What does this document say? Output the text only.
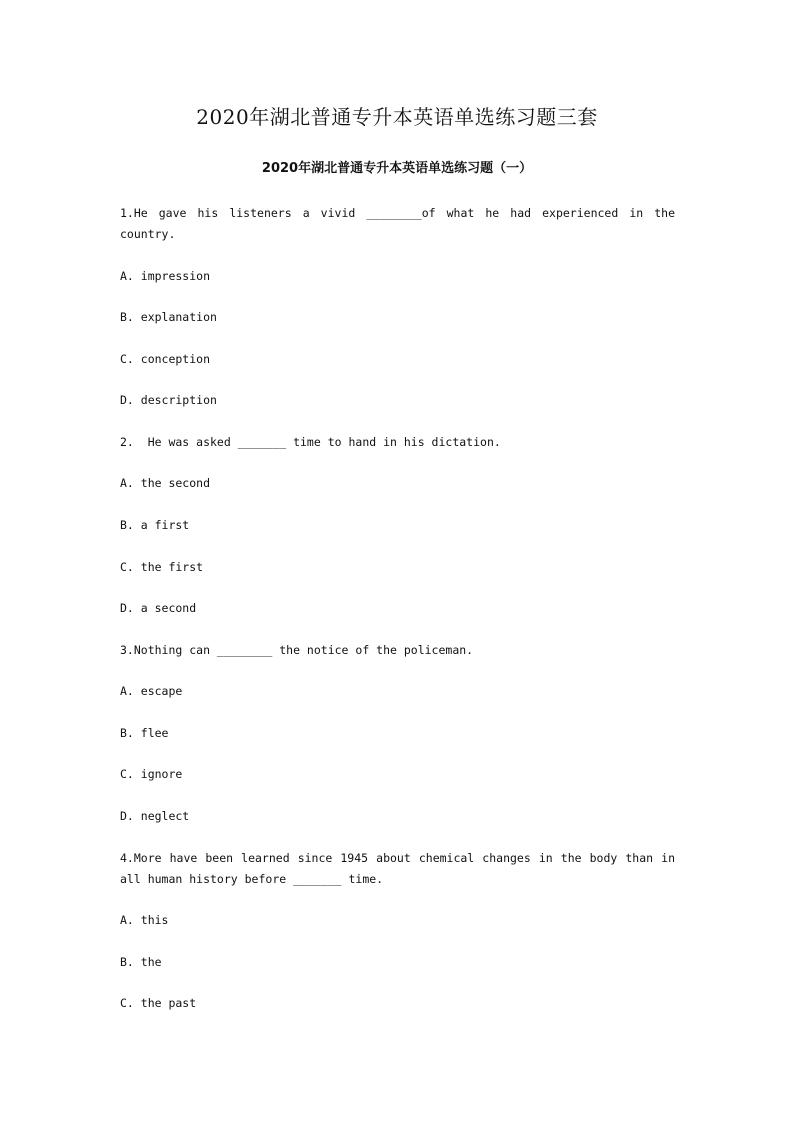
2020年湖北普通专升本英语单选练习题三套
2020年湖北普通专升本英语单选练习题（一）
1.He gave his listeners a vivid ________of what he had experienced in the country.
A. impression
B. explanation
C. conception
D. description
2.  He was asked _______ time to hand in his dictation.
A. the second
B. a first
C. the first
D. a second
3.Nothing can ________ the notice of the policeman.
A. escape
B. flee
C. ignore
D. neglect
4.More have been learned since 1945 about chemical changes in the body than in all human history before _______ time.
A. this
B. the
C. the past
